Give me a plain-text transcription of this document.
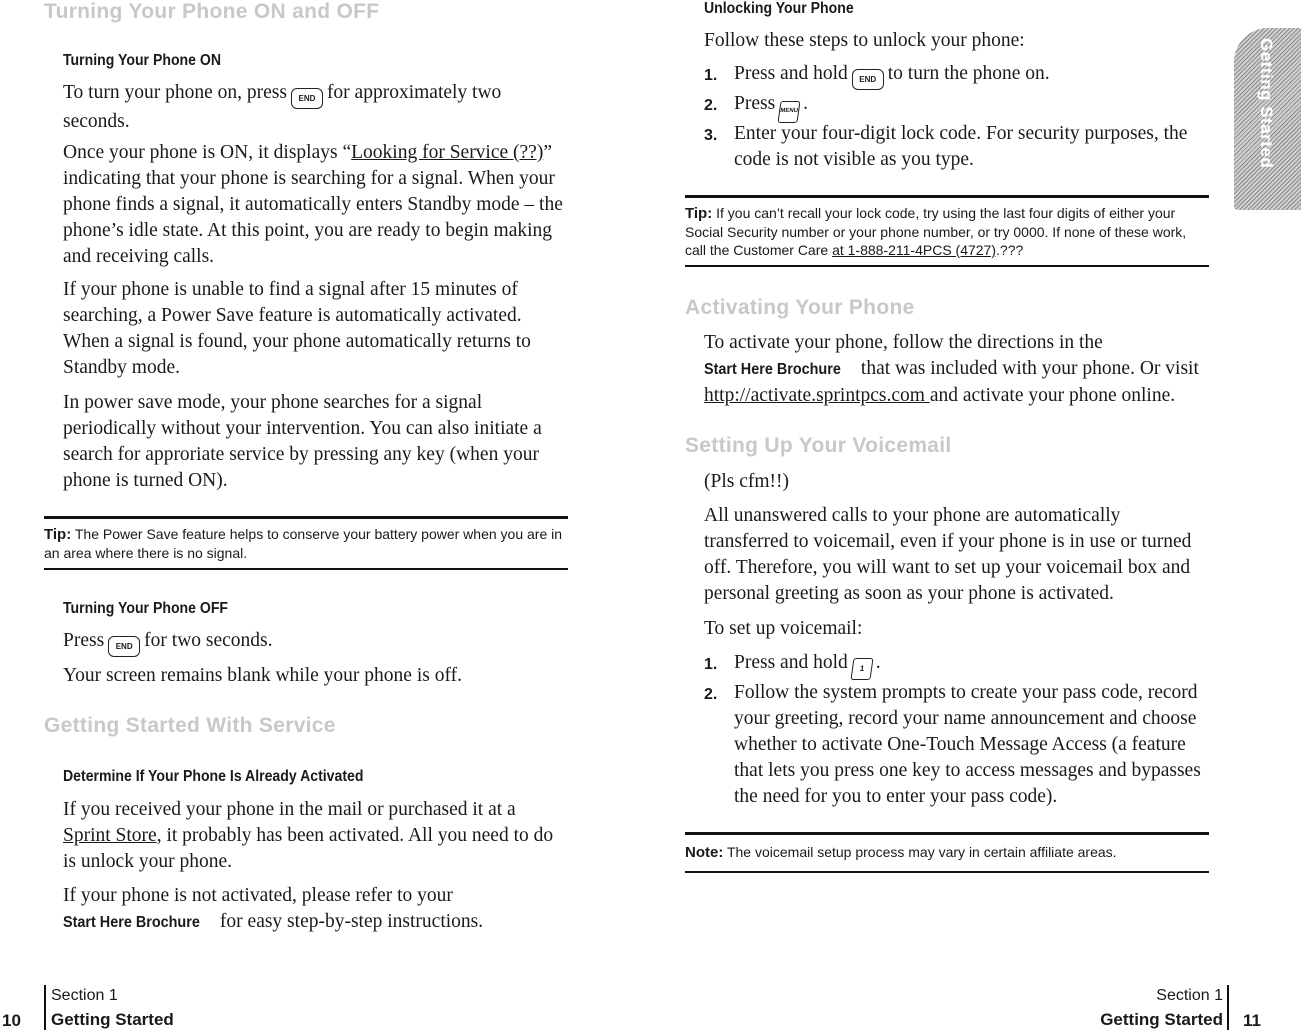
Turning Your Phone ON and OFF
Turning Your Phone ON

To turn your phone on, press END for approximately two seconds.

Once your phone is ON, it displays “Looking for Service (??)” indicating that your phone is searching for a signal. When your phone finds a signal, it automatically enters Standby mode – the phone’s idle state. At this point, you are ready to begin making and receiving calls.

If your phone is unable to find a signal after 15 minutes of searching, a Power Save feature is automatically activated. When a signal is found, your phone automatically returns to Standby mode.

In power save mode, your phone searches for a signal periodically without your intervention. You can also initiate a search for approriate service by pressing any key (when your phone is turned ON).

Tip: The Power Save feature helps to conserve your battery power when you are in an area where there is no signal.
Turning Your Phone OFF

Press END for two seconds.

Your screen remains blank while your phone is off.

Getting Started With Service
Determine If Your Phone Is Already Activated

If you received your phone in the mail or purchased it at a Sprint Store, it probably has been activated. All you need to do is unlock your phone.

If your phone is not activated, please refer to your Start Here Brochure for easy step-by-step instructions.

10
Section 1
Getting Started
Unlocking Your Phone

Follow these steps to unlock your phone:

1. Press and hold END to turn the phone on.

2. Press MENU .

3. Enter your four-digit lock code. For security purposes, the code is not visible as you type.

Tip: If you can’t recall your lock code, try using the last four digits of either your Social Security number or your phone number, or try 0000. If none of these work, call the Customer Care at 1-888-211-4PCS (4727).???
Activating Your Phone

To activate your phone, follow the directions in the Start Here Brochure that was included with your phone. Or visit http://activate.sprintpcs.com and activate your phone online.

Setting Up Your Voicemail

(Pls cfm!!)

All unanswered calls to your phone are automatically transferred to voicemail, even if your phone is in use or turned off. Therefore, you will want to set up your voicemail box and personal greeting as soon as your phone is activated.

To set up voicemail:

1. Press and hold 1 .

2. Follow the system prompts to create your pass code, record your greeting, record your name announcement and choose whether to activate One-Touch Message Access (a feature that lets you press one key to access messages and bypasses the need for you to enter your pass code).

Note: The voicemail setup process may vary in certain affiliate areas.
Section 1
Getting Started 11
Getting Started
